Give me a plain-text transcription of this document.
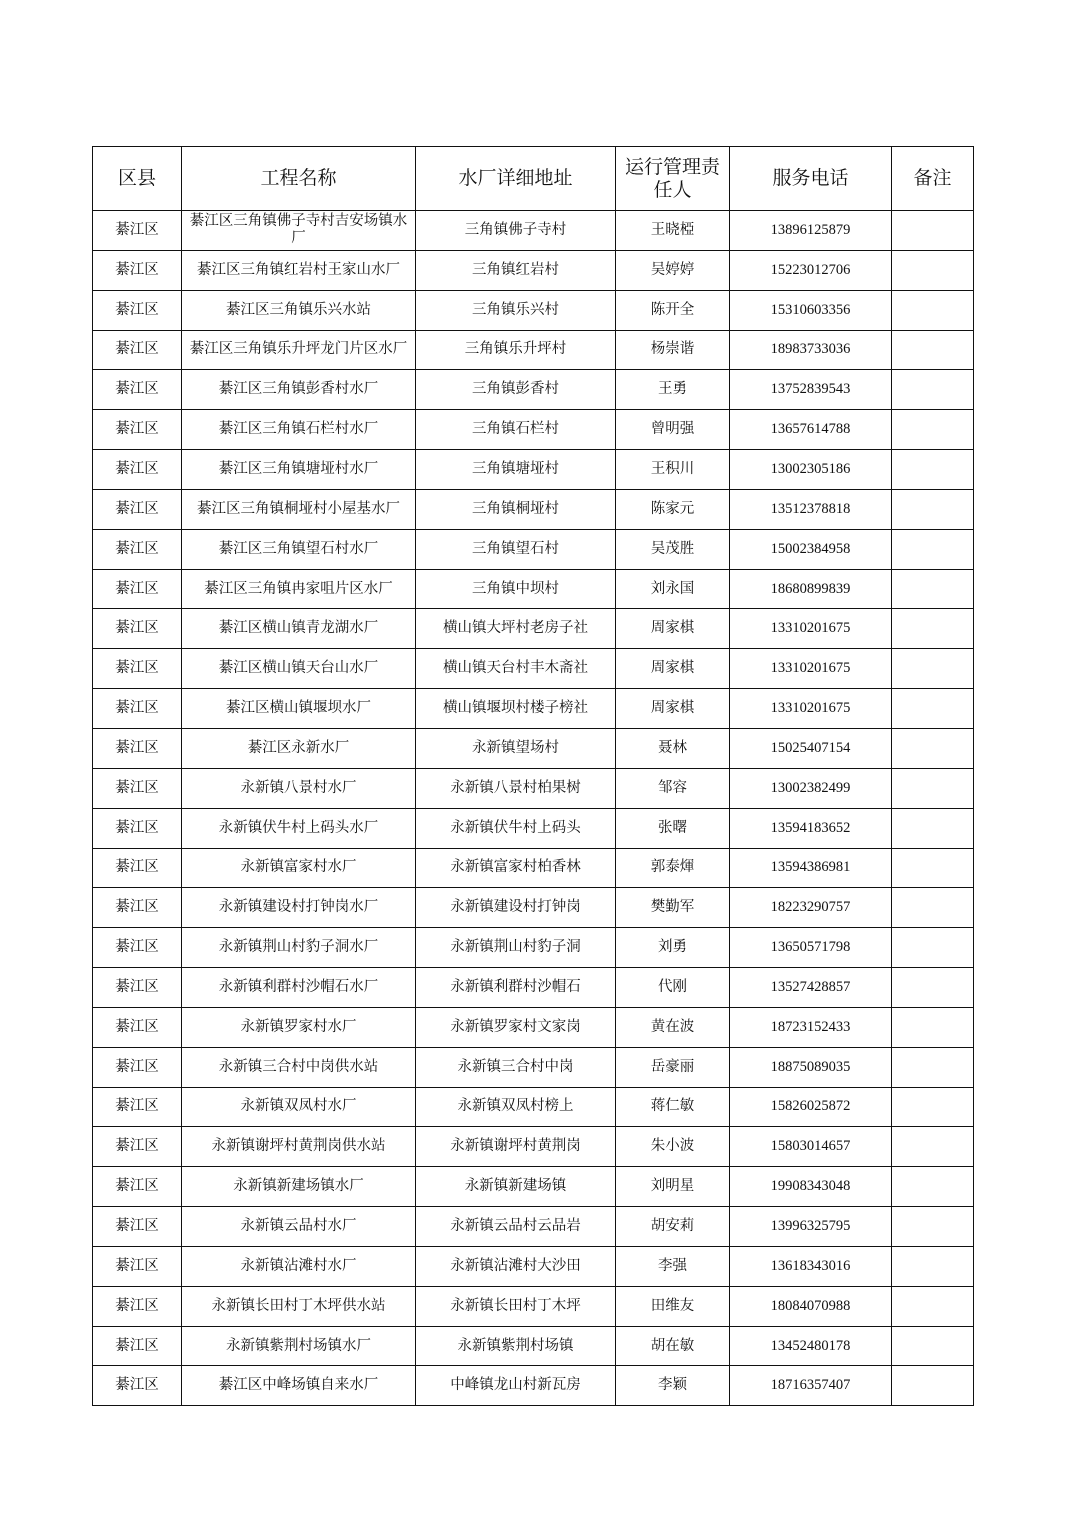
区县	工程名称	水厂详细地址	运行管理责任人	服务电话	备注
綦江区	綦江区三角镇佛子寺村吉安场镇水厂	三角镇佛子寺村	王晓椏	13896125879	
綦江区	綦江区三角镇红岩村王家山水厂	三角镇红岩村	吴婷婷	15223012706	
綦江区	綦江区三角镇乐兴水站	三角镇乐兴村	陈开全	15310603356	
綦江区	綦江区三角镇乐升坪龙门片区水厂	三角镇乐升坪村	杨崇谐	18983733036	
綦江区	綦江区三角镇彭香村水厂	三角镇彭香村	王勇	13752839543	
綦江区	綦江区三角镇石栏村水厂	三角镇石栏村	曾明强	13657614788	
綦江区	綦江区三角镇塘垭村水厂	三角镇塘垭村	王积川	13002305186	
綦江区	綦江区三角镇桐垭村小屋基水厂	三角镇桐垭村	陈家元	13512378818	
綦江区	綦江区三角镇望石村水厂	三角镇望石村	吴茂胜	15002384958	
綦江区	綦江区三角镇冉家咀片区水厂	三角镇中坝村	刘永国	18680899839	
綦江区	綦江区横山镇青龙湖水厂	横山镇大坪村老房子社	周家棋	13310201675	
綦江区	綦江区横山镇天台山水厂	横山镇天台村丰木斋社	周家棋	13310201675	
綦江区	綦江区横山镇堰坝水厂	横山镇堰坝村楼子榜社	周家棋	13310201675	
綦江区	綦江区永新水厂	永新镇望场村	聂林	15025407154	
綦江区	永新镇八景村水厂	永新镇八景村柏果树	邹容	13002382499	
綦江区	永新镇伏牛村上码头水厂	永新镇伏牛村上码头	张曙	13594183652	
綦江区	永新镇富家村水厂	永新镇富家村柏香林	郭泰煇	13594386981	
綦江区	永新镇建设村打钟岗水厂	永新镇建设村打钟岗	樊勤军	18223290757	
綦江区	永新镇荆山村豹子洞水厂	永新镇荆山村豹子洞	刘勇	13650571798	
綦江区	永新镇利群村沙帽石水厂	永新镇利群村沙帽石	代刚	13527428857	
綦江区	永新镇罗家村水厂	永新镇罗家村文家岗	黄在波	18723152433	
綦江区	永新镇三合村中岗供水站	永新镇三合村中岗	岳豪丽	18875089035	
綦江区	永新镇双凤村水厂	永新镇双凤村榜上	蒋仁敏	15826025872	
綦江区	永新镇谢坪村黄荆岗供水站	永新镇谢坪村黄荆岗	朱小波	15803014657	
綦江区	永新镇新建场镇水厂	永新镇新建场镇	刘明星	19908343048	
綦江区	永新镇云品村水厂	永新镇云品村云品岩	胡安莉	13996325795	
綦江区	永新镇沾滩村水厂	永新镇沾滩村大沙田	李强	13618343016	
綦江区	永新镇长田村丁木坪供水站	永新镇长田村丁木坪	田维友	18084070988	
綦江区	永新镇紫荆村场镇水厂	永新镇紫荆村场镇	胡在敏	13452480178	
綦江区	綦江区中峰场镇自来水厂	中峰镇龙山村新瓦房	李颖	18716357407	
